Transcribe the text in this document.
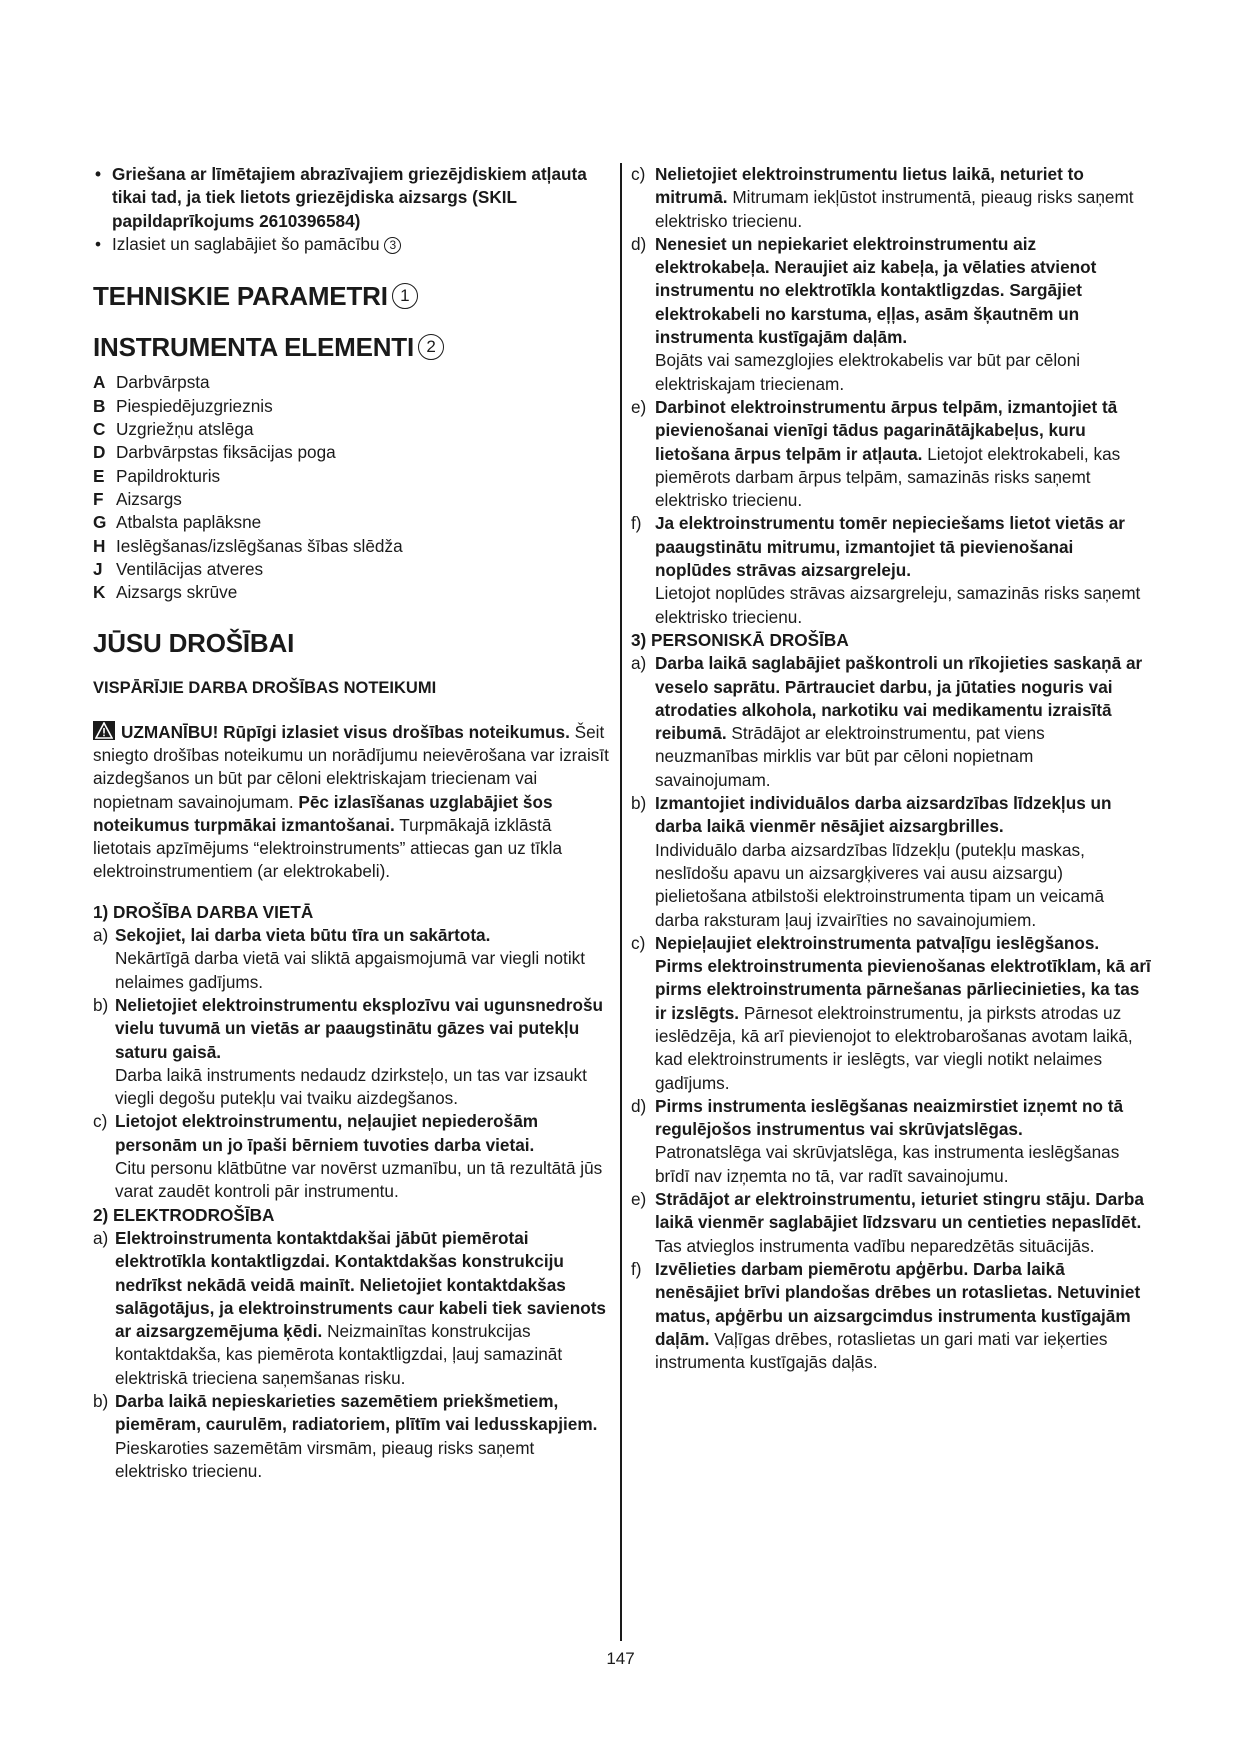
• Griešana ar līmētajiem abrazīvajiem griezējdiskiem atļauta tikai tad, ja tiek lietots griezējdiska aizsargs (SKIL papildaprīkojums 2610396584)
• Izlasiet un saglabājiet šo pamācību 3
TEHNISKIE PARAMETRI 1
INSTRUMENTA ELEMENTI 2
A Darbvārpsta
B Piespiedējuzgrieznis
C Uzgriežņu atslēga
D Darbvārpstas fiksācijas poga
E Papildrokturis
F Aizsargs
G Atbalsta paplāksne
H Ieslēgšanas/izslēgšanas šības slēdža
J Ventilācijas atveres
K Aizsargs skrūve
JŪSU DROŠĪBAI
VISPĀRĪJIE DARBA DROŠĪBAS NOTEIKUMI
UZMANĪBU! Rūpīgi izlasiet visus drošības noteikumus. Šeit sniegto drošības noteikumu un norādījumu neievērošana var izraisīt aizdegšanos un būt par cēloni elektriskajam triecienam vai nopietnam savainojumam. Pēc izlasīšanas uzglabājiet šos noteikumus turpmākai izmantošanai. Turpmākajā izklāstā lietotais apzīmējums “elektroinstruments” attiecas gan uz tīkla elektroinstrumentiem (ar elektrokabeli).
1) DROŠĪBA DARBA VIETĀ
a) Sekojiet, lai darba vieta būtu tīra un sakārtota.
Nekārtīgā darba vietā vai sliktā apgaismojumā var viegli notikt nelaimes gadījums.
b) Nelietojiet elektroinstrumentu eksplozīvu vai ugunsnedrošu vielu tuvumā un vietās ar paaugstinātu gāzes vai putekļu saturu gaisā.
Darba laikā instruments nedaudz dzirksteļo, un tas var izsaukt viegli degošu putekļu vai tvaiku aizdegšanos.
c) Lietojot elektroinstrumentu, neļaujiet nepiederošām personām un jo īpaši bērniem tuvoties darba vietai.
Citu personu klātbūtne var novērst uzmanību, un tā rezultātā jūs varat zaudēt kontroli pār instrumentu.
2) ELEKTRODROŠĪBA
a) Elektroinstrumenta kontaktdakšai jābūt piemērotai elektrotīkla kontaktligzdai. Kontaktdakšas konstrukciju nedrīkst nekādā veidā mainīt. Nelietojiet kontaktdakšas salāgotājus, ja elektroinstruments caur kabeli tiek savienots ar aizsargzemējuma ķēdi. Neizmainītas konstrukcijas kontaktdakša, kas piemērota kontaktligzdai, ļauj samazināt elektriskā trieciena saņemšanas risku.
b) Darba laikā nepieskarieties sazemētiem priekšmetiem, piemēram, caurulēm, radiatoriem, plītīm vai ledusskapjiem. Pieskaroties sazemētām virsmām, pieaug risks saņemt elektrisko triecienu.
c) Nelietojiet elektroinstrumentu lietus laikā, neturiet to mitrumā. Mitrumam iekļūstot instrumentā, pieaug risks saņemt elektrisko triecienu.
d) Nenesiet un nepiekariet elektroinstrumentu aiz elektrokabeļa. Neraujiet aiz kabeļa, ja vēlaties atvienot instrumentu no elektrotīkla kontaktligzdas. Sargājiet elektrokabeli no karstuma, eļļas, asām šķautnēm un instrumenta kustīgajām daļām.
Bojāts vai samezglojies elektrokabelis var būt par cēloni elektriskajam triecienam.
e) Darbinot elektroinstrumentu ārpus telpām, izmantojiet tā pievienošanai vienīgi tādus pagarinātājkabeļus, kuru lietošana ārpus telpām ir atļauta. Lietojot elektrokabeli, kas piemērots darbam ārpus telpām, samazinās risks saņemt elektrisko triecienu.
f) Ja elektroinstrumentu tomēr nepieciešams lietot vietās ar paaugstinātu mitrumu, izmantojiet tā pievienošanai noplūdes strāvas aizsargreleju.
Lietojot noplūdes strāvas aizsargreleju, samazinās risks saņemt elektrisko triecienu.
3) PERSONISKĀ DROŠĪBA
a) Darba laikā saglabājiet paškontroli un rīkojieties saskaņā ar veselo saprātu. Pārtrauciet darbu, ja jūtaties noguris vai atrodaties alkohola, narkotiku vai medikamentu izraisītā reibumā. Strādājot ar elektroinstrumentu, pat viens neuzmanības mirklis var būt par cēloni nopietnam savainojumam.
b) Izmantojiet individuālos darba aizsardzības līdzekļus un darba laikā vienmēr nēsājiet aizsargbrilles.
Individuālo darba aizsardzības līdzekļu (putekļu maskas, neslīdošu apavu un aizsargķiveres vai ausu aizsargu) pielietošana atbilstoši elektroinstrumenta tipam un veicamā darba raksturam ļauj izvairīties no savainojumiem.
c) Nepieļaujiet elektroinstrumenta patvaļīgu ieslēgšanos. Pirms elektroinstrumenta pievienošanas elektrotīklam, kā arī pirms elektroinstrumenta pārnešanas pārliecinieties, ka tas ir izslēgts. Pārnesot elektroinstrumentu, ja pirksts atrodas uz ieslēdzēja, kā arī pievienojot to elektrobarošanas avotam laikā, kad elektroinstruments ir ieslēgts, var viegli notikt nelaimes gadījums.
d) Pirms instrumenta ieslēgšanas neaizmirstiet izņemt no tā regulējošos instrumentus vai skrūvjatslēgas.
Patronatslēga vai skrūvjatslēga, kas instrumenta ieslēgšanas brīdī nav izņemta no tā, var radīt savainojumu.
e) Strādājot ar elektroinstrumentu, ieturiet stingru stāju. Darba laikā vienmēr saglabājiet līdzsvaru un centieties nepaslīdēt. Tas atvieglos instrumenta vadību neparedzētās situācijās.
f) Izvēlieties darbam piemērotu apģērbu. Darba laikā nenēsājiet brīvi plandošas drēbes un rotaslietas. Netuviniet matus, apģērbu un aizsargcimdus instrumenta kustīgajām daļām. Vaļīgas drēbes, rotaslietas un gari mati var ieķerties instrumenta kustīgajās daļās.
147
